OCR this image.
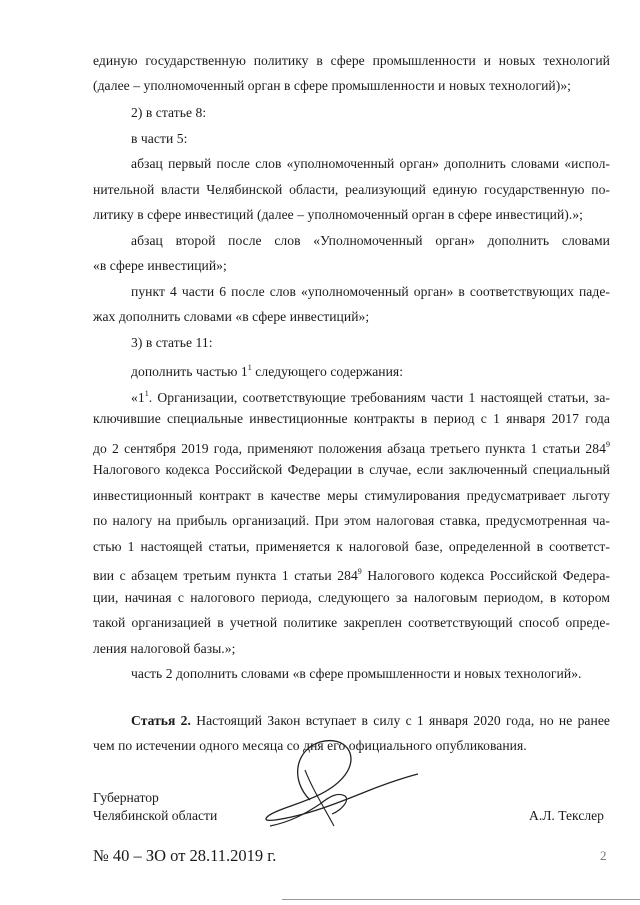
единую государственную политику в сфере промышленности и новых технологий
(далее – уполномоченный орган в сфере промышленности и новых технологий)»;
2) в статье 8:
в части 5:
абзац первый после слов «уполномоченный орган» дополнить словами «испол-
нительной власти Челябинской области, реализующий единую государственную по-
литику в сфере инвестиций (далее – уполномоченный орган в сфере инвестиций).»;
абзац второй после слов «Уполномоченный орган» дополнить словами
«в сфере инвестиций»;
пункт 4 части 6 после слов «уполномоченный орган» в соответствующих паде-
жах дополнить словами «в сфере инвестиций»;
3) в статье 11:
дополнить частью $1^1$ следующего содержания:
«$1^1$. Организации, соответствующие требованиям части 1 настоящей статьи, за-
ключившие специальные инвестиционные контракты в период с 1 января 2017 года
до 2 сентября 2019 года, применяют положения абзаца третьего пункта 1 статьи $284^9$
Налогового кодекса Российской Федерации в случае, если заключенный специальный
инвестиционный контракт в качестве меры стимулирования предусматривает льготу
по налогу на прибыль организаций. При этом налоговая ставка, предусмотренная ча-
стью 1 настоящей статьи, применяется к налоговой базе, определенной в соответст-
вии с абзацем третьим пункта 1 статьи $284^9$ Налогового кодекса Российской Федера-
ции, начиная с налогового периода, следующего за налоговым периодом, в котором
такой организацией в учетной политике закреплен соответствующий способ опреде-
ления налоговой базы.»;
часть 2 дополнить словами «в сфере промышленности и новых технологий».
Статья 2. Настоящий Закон вступает в силу с 1 января 2020 года, но не ранее
чем по истечении одного месяца со дня его официального опубликования.
Губернатор
Челябинской области	А.Л. Текслер
№ 40 – ЗО от 28.11.2019 г.	2
